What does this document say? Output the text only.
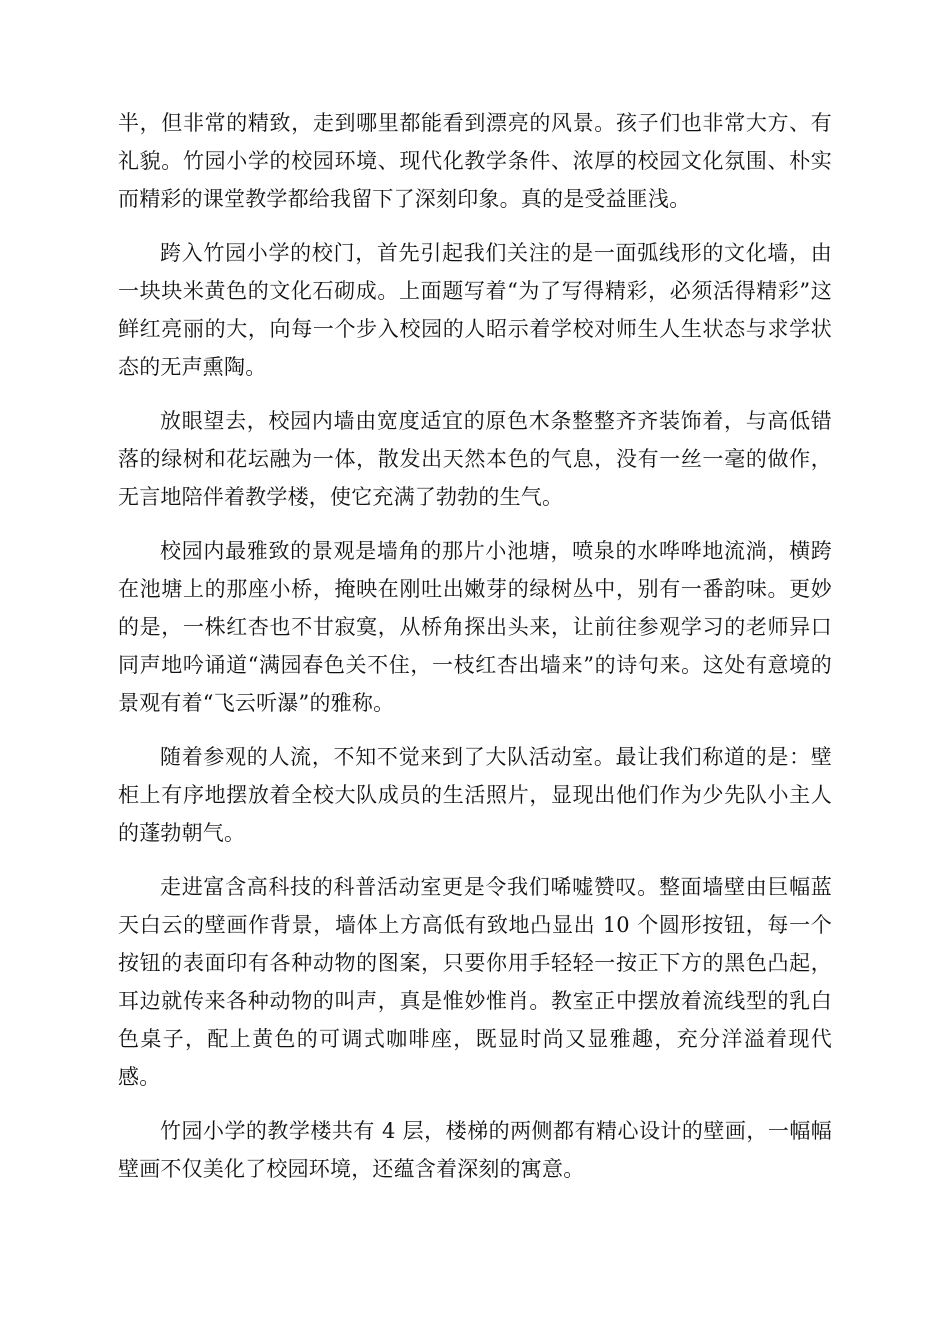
半，但非常的精致，走到哪里都能看到漂亮的风景。孩子们也非常大方、有礼貌。竹园小学的校园环境、现代化教学条件、浓厚的校园文化氛围、朴实而精彩的课堂教学都给我留下了深刻印象。真的是受益匪浅。

跨入竹园小学的校门，首先引起我们关注的是一面弧线形的文化墙，由一块块米黄色的文化石砌成。上面题写着“为了写得精彩，必须活得精彩”这鲜红亮丽的大，向每一个步入校园的人昭示着学校对师生人生状态与求学状态的无声熏陶。

放眼望去，校园内墙由宽度适宜的原色木条整整齐齐装饰着，与高低错落的绿树和花坛融为一体，散发出天然本色的气息，没有一丝一毫的做作，无言地陪伴着教学楼，使它充满了勃勃的生气。

校园内最雅致的景观是墙角的那片小池塘，喷泉的水哗哗地流淌，横跨在池塘上的那座小桥，掩映在刚吐出嫩芽的绿树丛中，别有一番韵味。更妙的是，一株红杏也不甘寂寞，从桥角探出头来，让前往参观学习的老师异口同声地吟诵道“满园春色关不住，一枝红杏出墙来”的诗句来。这处有意境的景观有着“飞云听瀑”的雅称。

随着参观的人流，不知不觉来到了大队活动室。最让我们称道的是：壁柜上有序地摆放着全校大队成员的生活照片，显现出他们作为少先队小主人的蓬勃朝气。

走进富含高科技的科普活动室更是令我们唏嘘赞叹。整面墙壁由巨幅蓝天白云的壁画作背景，墙体上方高低有致地凸显出 10 个圆形按钮，每一个按钮的表面印有各种动物的图案，只要你用手轻轻一按正下方的黑色凸起，耳边就传来各种动物的叫声，真是惟妙惟肖。教室正中摆放着流线型的乳白色桌子，配上黄色的可调式咖啡座，既显时尚又显雅趣，充分洋溢着现代感。

竹园小学的教学楼共有 4 层，楼梯的两侧都有精心设计的壁画，一幅幅壁画不仅美化了校园环境，还蕴含着深刻的寓意。
